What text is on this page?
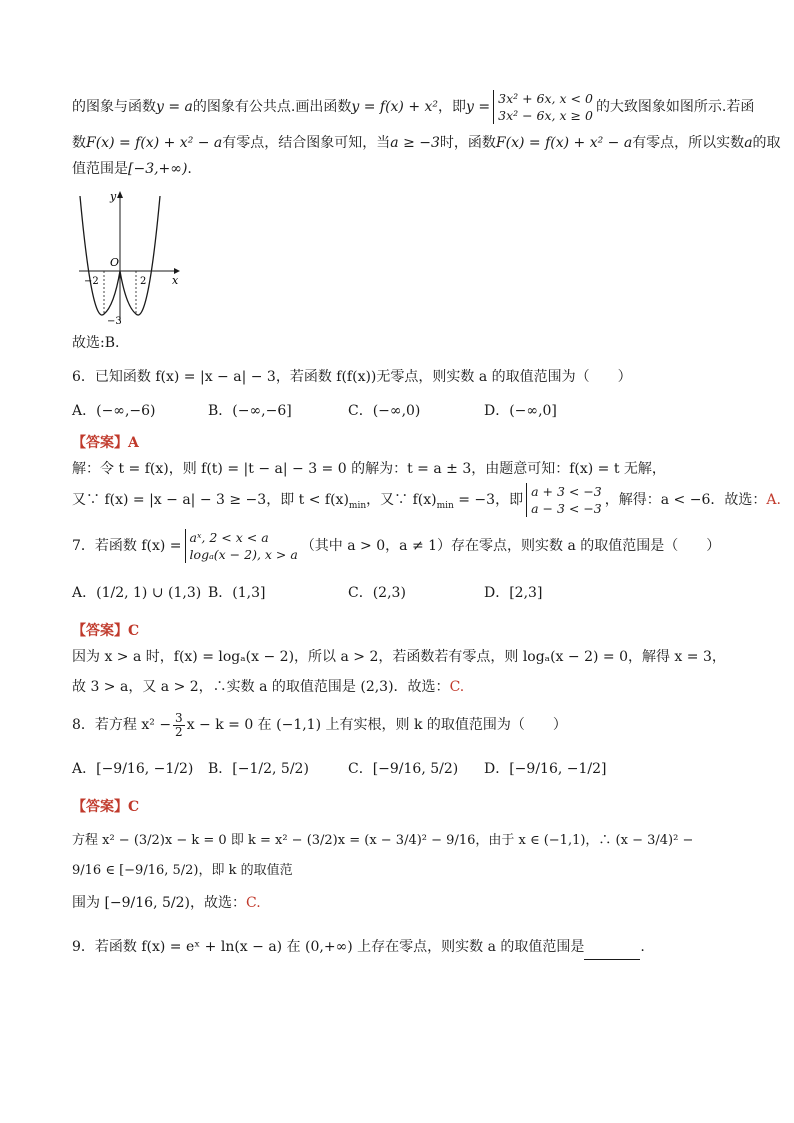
的图象与函数y = a的图象有公共点.画出函数y = f(x) + x²，即y =3x² + 6x, x < 0
3x² − 6x, x ≥ 0的大致图象如图所示.若函
数F(x) = f(x) + x² − a有零点，结合图象可知，当a ≥ −3时，函数F(x) = f(x) + x² − a有零点，所以实数a的取
值范围是[−3,+∞).
y
x
O
−2	2
−3
故选:B.
6．已知函数 f(x) = |x − a| − 3，若函数 f(f(x))无零点，则实数 a 的取值范围为（　　）
A．(−∞,−6)	B．(−∞,−6]	C．(−∞,0)	D．(−∞,0]
【答案】A
解：令 t = f(x)，则 f(t) = |t − a| − 3 = 0 的解为：t = a ± 3，由题意可知：f(x) = t 无解，
又∵ f(x) = |x − a| − 3 ≥ −3，即 $t < f(x)_{min}$，又∵ $f(x)_{min} = -3$，即a + 3 < −3
a − 3 < −3，解得：a < −6．故选：A.
7．若函数 f(x) =aˣ, 2 < x < a
logₐ(x − 2), x > a（其中 a > 0，a ≠ 1）存在零点，则实数 a 的取值范围是（　　）
A．(1/2, 1) ∪ (1,3) B．(1,3]	C．(2,3)	D．[2,3]
【答案】C
因为 x > a 时，f(x) = logₐ(x − 2)，所以 a > 2，若函数若有零点，则 logₐ(x − 2) = 0，解得 x = 3，
故 3 > a，又 a > 2，∴实数 a 的取值范围是 (2,3)．故选：C.
8．若方程 $x^2 - \frac{3}{2}$ x − k = 0 在 (−1,1) 上有实根，则 k 的取值范围为（　　）
A．[−9/16, −1/2)	B．[−1/2, 5/2)	C．[−9/16, 5/2)	D．[−9/16, −1/2]
【答案】C
方程 x² − (3/2)x − k = 0 即 k = x² − (3/2)x = (x − 3/4)² − 9/16，由于 x ∈ (−1,1)，∴ (x − 3/4)² − 9/16 ∈ [−9/16, 5/2)，即 k 的取值范
围为 [−9/16, 5/2)，故选：C.
9．若函数 f(x) = eˣ + ln(x − a) 在 (0,+∞) 上存在零点，则实数 a 的取值范围是	.
